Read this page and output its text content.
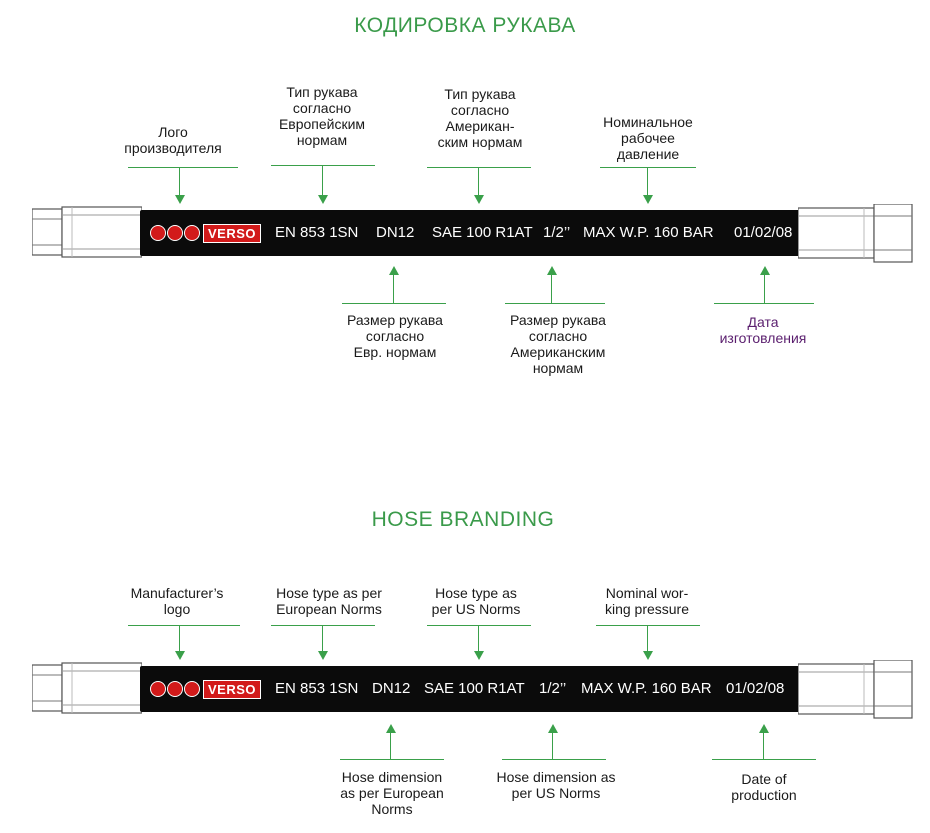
КОДИРОВКА РУКАВА
Лого
производителя
Тип рукава
согласно
Европейским
нормам
Тип рукава
согласно
Американ-
ским нормам
Номинальное
рабочее
давление
VERSO	EN 853 1SN DN12 SAE 100 R1AT 1/2’’ MAX W.P. 160 BAR 01/02/08
Размер рукава
согласно
Евр. нормам
Размер рукава
согласно
Американским
нормам
Дата
изготовления
HOSE BRANDING
Manufacturer’s
logo
Hose type as per
European Norms
Hose type as
per US Norms
Nominal wor-
king pressure
VERSO	EN 853 1SN DN12 SAE 100 R1AT 1/2’’ MAX W.P. 160 BAR 01/02/08
Hose dimension
as per European
Norms
Hose dimension as
per US Norms
Date of
production
